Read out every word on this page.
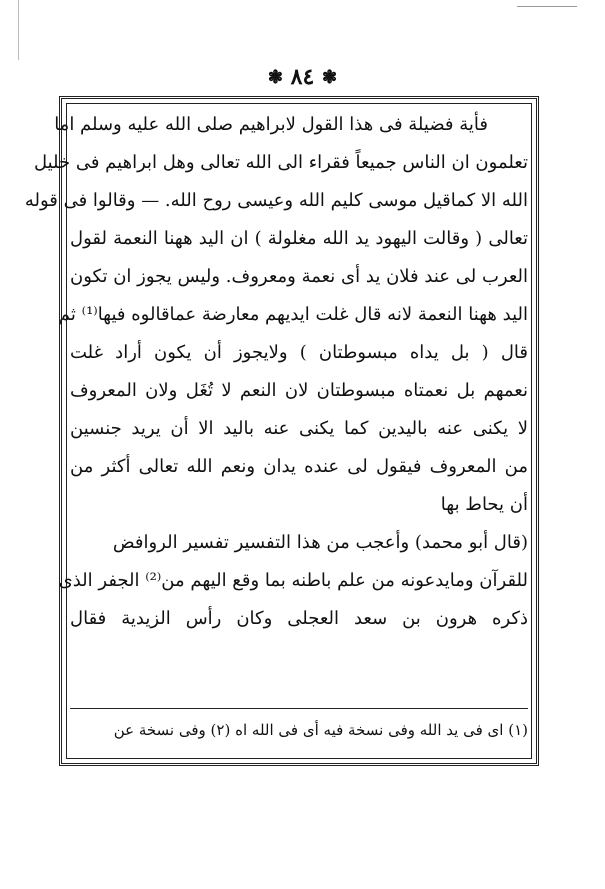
❃ ٨٤ ❃
فأية فضيلة فى هذا القول لابراهيم صلى الله عليه وسلم اما
تعلمون ان الناس جميعاً فقراء الى الله تعالى وهل ابراهيم فى خليل
الله الا كماقيل موسى كليم الله وعيسى روح الله. — وقالوا فى قوله
تعالى ( وقالت اليهود يد الله مغلولة ) ان اليد ههنا النعمة لقول
العرب لى عند فلان يد أى نعمة ومعروف. وليس يجوز ان تكون
اليد ههنا النعمة لانه قال غلت ايديهم معارضة عماقالوه فيها⁽¹⁾ ثم
قال ( بل يداه مبسوطتان ) ولايجوز أن يكون أراد غلت
نعمهم بل نعمتاه مبسوطتان لان النعم لا تُغَل ولان المعروف
لا يكنى عنه باليدين كما يكنى عنه باليد الا أن يريد جنسين
من المعروف فيقول لى عنده يدان ونعم الله تعالى أكثر من
أن يحاط بها
(قال أبو محمد) وأعجب من هذا التفسير تفسير الروافض
للقرآن ومايدعونه من علم باطنه بما وقع اليهم من⁽²⁾ الجفر الذى
ذكره هرون بن سعد العجلى وكان رأس الزيدية فقال
(١) اى فى يد الله وفى نسخة فيه أى فى الله اه (٢) وفى نسخة عن
